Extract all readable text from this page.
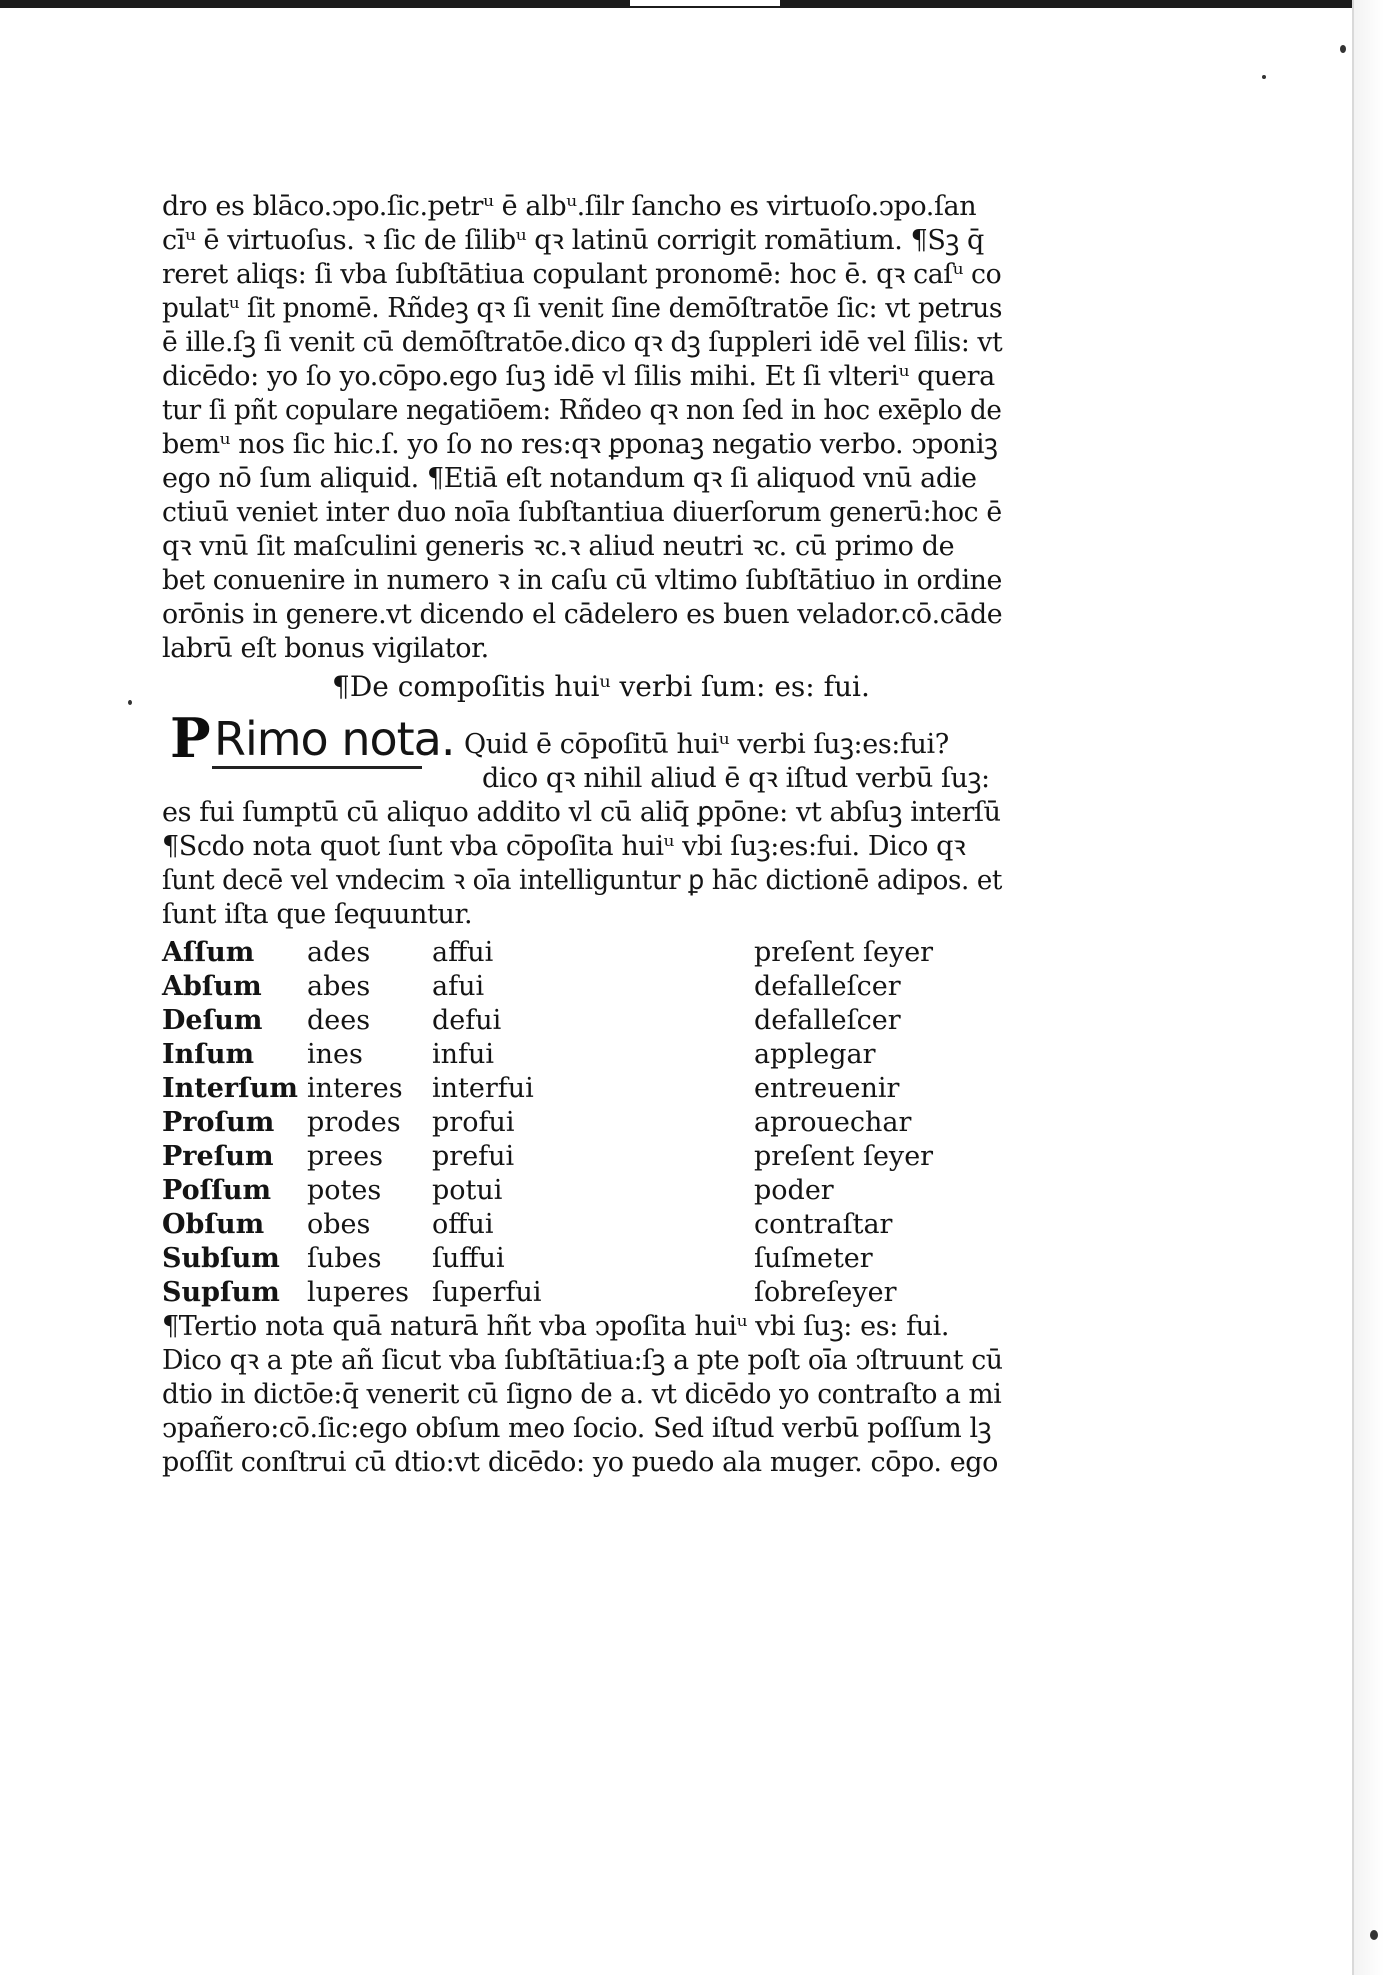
dro es blāco.ↄpo.ſic.petrᵘ ē albᵘ.ſilr ſancho es virtuoſo.ↄpo.ſan
cīᵘ ē virtuoſus. ꝛ ſic de ſilibᵘ qꝛ latinū corrigit romātium. ¶Sꝫ q̄
reret aliqs: ſi vba ſubſtātiua copulant pronomē: hoc ē. qꝛ caſᵘ co
pulatᵘ ſit pnomē. Rñdeꝫ qꝛ ſi venit ſine demōſtratōe ſic: vt petrus
ē ille.ſꝫ ſi venit cū demōſtratōe.dico qꝛ dꝫ ſuppleri idē vel ſilis: vt
dicēdo: yo ſo yo.cōpo.ego ſuꝫ idē vl ſilis mihi. Et ſi vlteriᵘ quera
tur ſi pñt copulare negatiōem: Rñdeo qꝛ non ſed in hoc exēplo de
bemᵘ nos ſic hic.ſ. yo ſo no res:qꝛ ꝑponaꝫ negatio verbo. ↄponiꝫ
ego nō ſum aliquid. ¶Etiā eſt notandum qꝛ ſi aliquod vnū adie
ctiuū veniet inter duo noīa ſubſtantiua diuerſorum generū:hoc ē
qꝛ vnū ſit maſculini generis ꝛc.ꝛ aliud neutri ꝛc. cū primo de
bet conuenire in numero ꝛ in caſu cū vltimo ſubſtātiuo in ordine
orōnis in genere.vt dicendo el cādelero es buen velador.cō.cāde
labrū eſt bonus vigilator.
¶De compoſitis huiᵘ verbi ſum: es: fui.
P Rimo nota. Quid ē cōpoſitū huiᵘ verbi ſuꝫ:es:fui?
dico qꝛ nihil aliud ē qꝛ iſtud verbū ſuꝫ:
es fui ſumptū cū aliquo addito vl cū aliq̄ ꝑpōne: vt abſuꝫ interſū
¶Scdo nota quot ſunt vba cōpoſita huiᵘ vbi ſuꝫ:es:fui. Dico qꝛ
ſunt decē vel vndecim ꝛ oīa intelliguntur ꝑ hāc dictionē adipos. et
ſunt iſta que ſequuntur.
Aſſum ades affui	preſent ſeyer
Abſum abes afui	defalleſcer
Deſum dees defui	defalleſcer
Inſum ines	infui	applegar
Interſum interes interfui	entreuenir
Proſum prodes profui	aprouechar
Preſum prees prefui	preſent ſeyer
Poſſum potes potui	poder
Obſum obes offui	contraſtar
Subſum ſubes ſuffui	ſuſmeter
Supſum luperes ſuperfui	ſobreſeyer
¶Tertio nota quā naturā hñt vba ↄpoſita huiᵘ vbi ſuꝫ: es: fui.
Dico qꝛ a pte añ ſicut vba ſubſtātiua:ſꝫ a pte poſt oīa ↄſtruunt cū
dtio in dictōe:q̄ venerit cū ſigno de a. vt dicēdo yo contraſto a mi
ↄpañero:cō.ſic:ego obſum meo ſocio. Sed iſtud verbū poſſum lꝫ
poſſit conſtrui cū dtio:vt dicēdo: yo puedo ala muger. cōpo. ego
